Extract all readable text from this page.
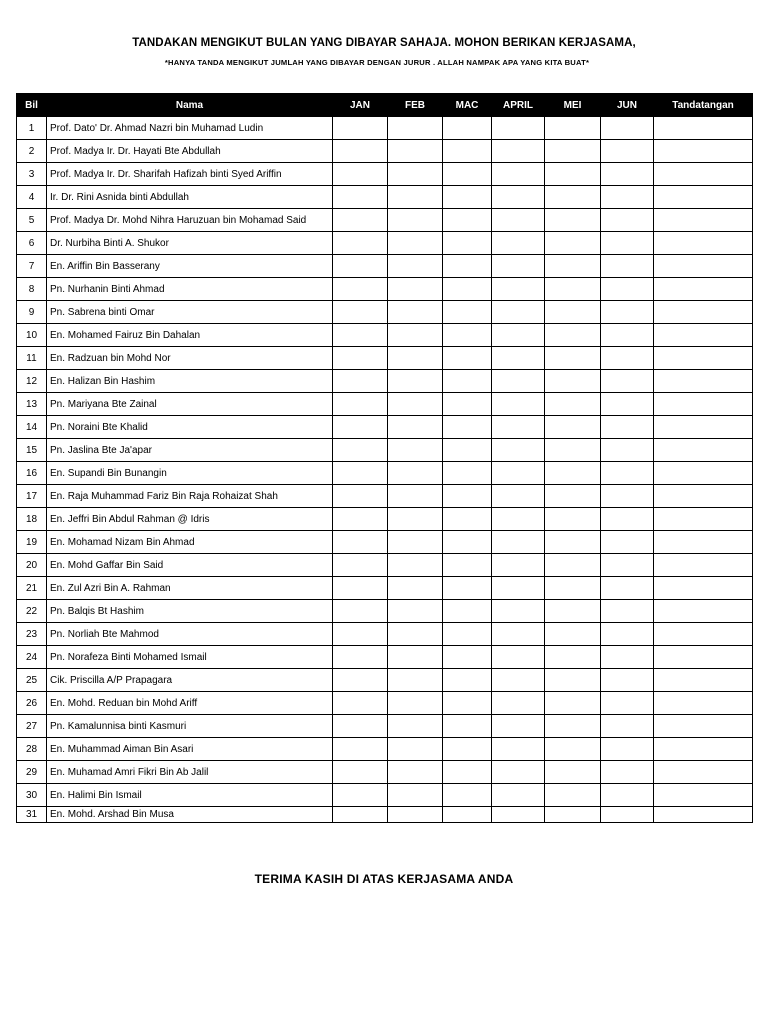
TANDAKAN MENGIKUT BULAN YANG DIBAYAR SAHAJA. MOHON BERIKAN KERJASAMA,
*HANYA TANDA MENGIKUT JUMLAH YANG DIBAYAR DENGAN JURUR . ALLAH NAMPAK APA YANG KITA BUAT*
Bil	Nama	JAN	FEB	MAC	APRIL	MEI	JUN	Tandatangan
1	Prof. Dato' Dr. Ahmad Nazri bin Muhamad Ludin							
2	Prof. Madya Ir. Dr. Hayati Bte Abdullah							
3	Prof. Madya Ir. Dr. Sharifah Hafizah binti Syed Ariffin							
4	Ir. Dr. Rini Asnida binti Abdullah							
5	Prof. Madya Dr. Mohd Nihra Haruzuan bin Mohamad Said							
6	Dr. Nurbiha Binti A. Shukor							
7	En. Ariffin Bin Basserany							
8	Pn. Nurhanin Binti Ahmad							
9	Pn. Sabrena binti Omar							
10	En. Mohamed Fairuz Bin Dahalan							
11	En. Radzuan bin Mohd Nor							
12	En. Halizan Bin Hashim							
13	Pn. Mariyana Bte Zainal							
14	Pn. Noraini Bte Khalid							
15	Pn. Jaslina Bte Ja'apar							
16	En. Supandi Bin Bunangin							
17	En. Raja Muhammad Fariz Bin Raja Rohaizat Shah							
18	En. Jeffri Bin Abdul Rahman @ Idris							
19	En. Mohamad Nizam Bin Ahmad							
20	En. Mohd Gaffar Bin Said							
21	En. Zul Azri Bin A. Rahman							
22	Pn. Balqis Bt Hashim							
23	Pn. Norliah Bte Mahmod							
24	Pn. Norafeza Binti Mohamed Ismail							
25	Cik. Priscilla A/P Prapagara							
26	En. Mohd. Reduan bin Mohd Ariff							
27	Pn. Kamalunnisa binti Kasmuri							
28	En. Muhammad Aiman Bin Asari							
29	En. Muhamad Amri Fikri Bin Ab Jalil							
30	En. Halimi Bin Ismail							
31	En. Mohd. Arshad Bin Musa							
TERIMA KASIH DI ATAS KERJASAMA ANDA
